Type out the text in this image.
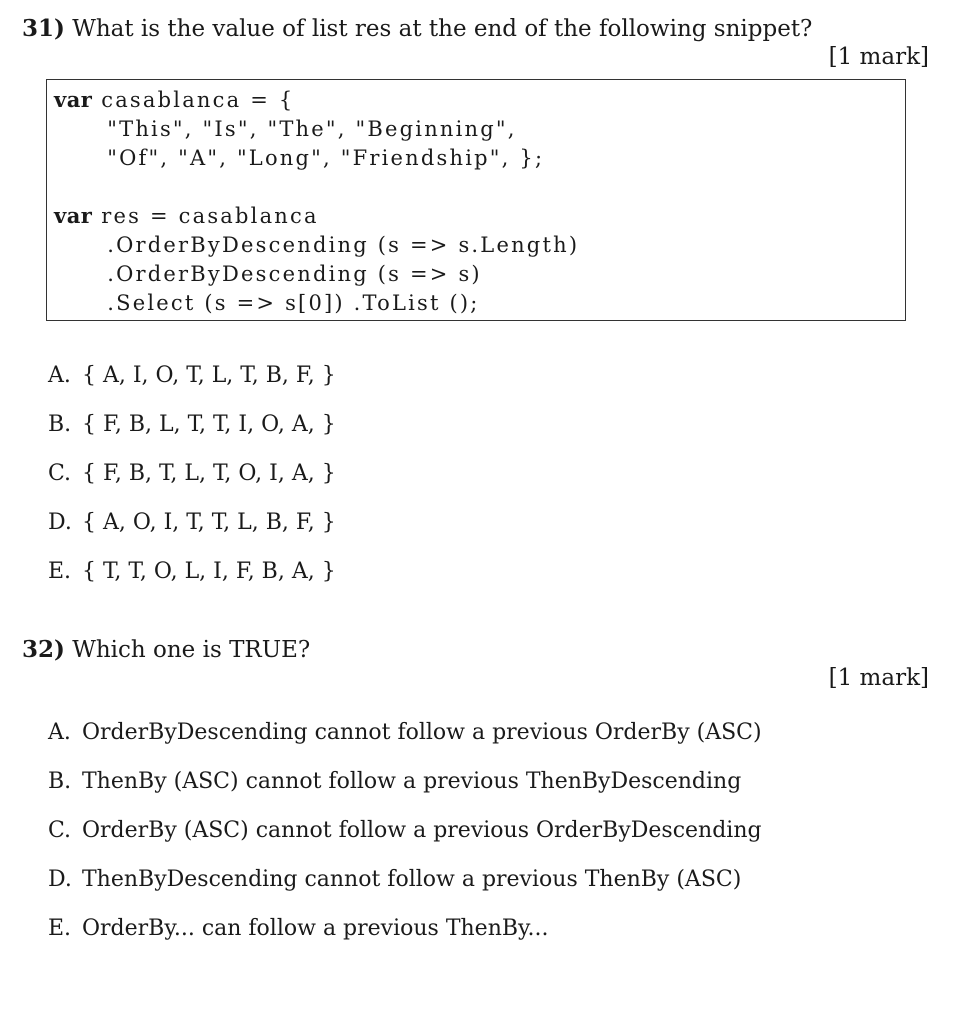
31) What is the value of list res at the end of the following snippet?
[1 mark]
var casablanca = {
"This", "Is", "The", "Beginning",
"Of", "A", "Long", "Friendship", };
var res = casablanca
.OrderByDescending (s => s.Length)
.OrderByDescending (s => s)
.Select (s => s[0]) .ToList ();
A. { A, I, O, T, L, T, B, F, }
B. { F, B, L, T, T, I, O, A, }
C. { F, B, T, L, T, O, I, A, }
D. { A, O, I, T, T, L, B, F, }
E. { T, T, O, L, I, F, B, A, }
32) Which one is TRUE?
[1 mark]
A. OrderByDescending cannot follow a previous OrderBy (ASC)
B. ThenBy (ASC) cannot follow a previous ThenByDescending
C. OrderBy (ASC) cannot follow a previous OrderByDescending
D. ThenByDescending cannot follow a previous ThenBy (ASC)
E. OrderBy... can follow a previous ThenBy...
